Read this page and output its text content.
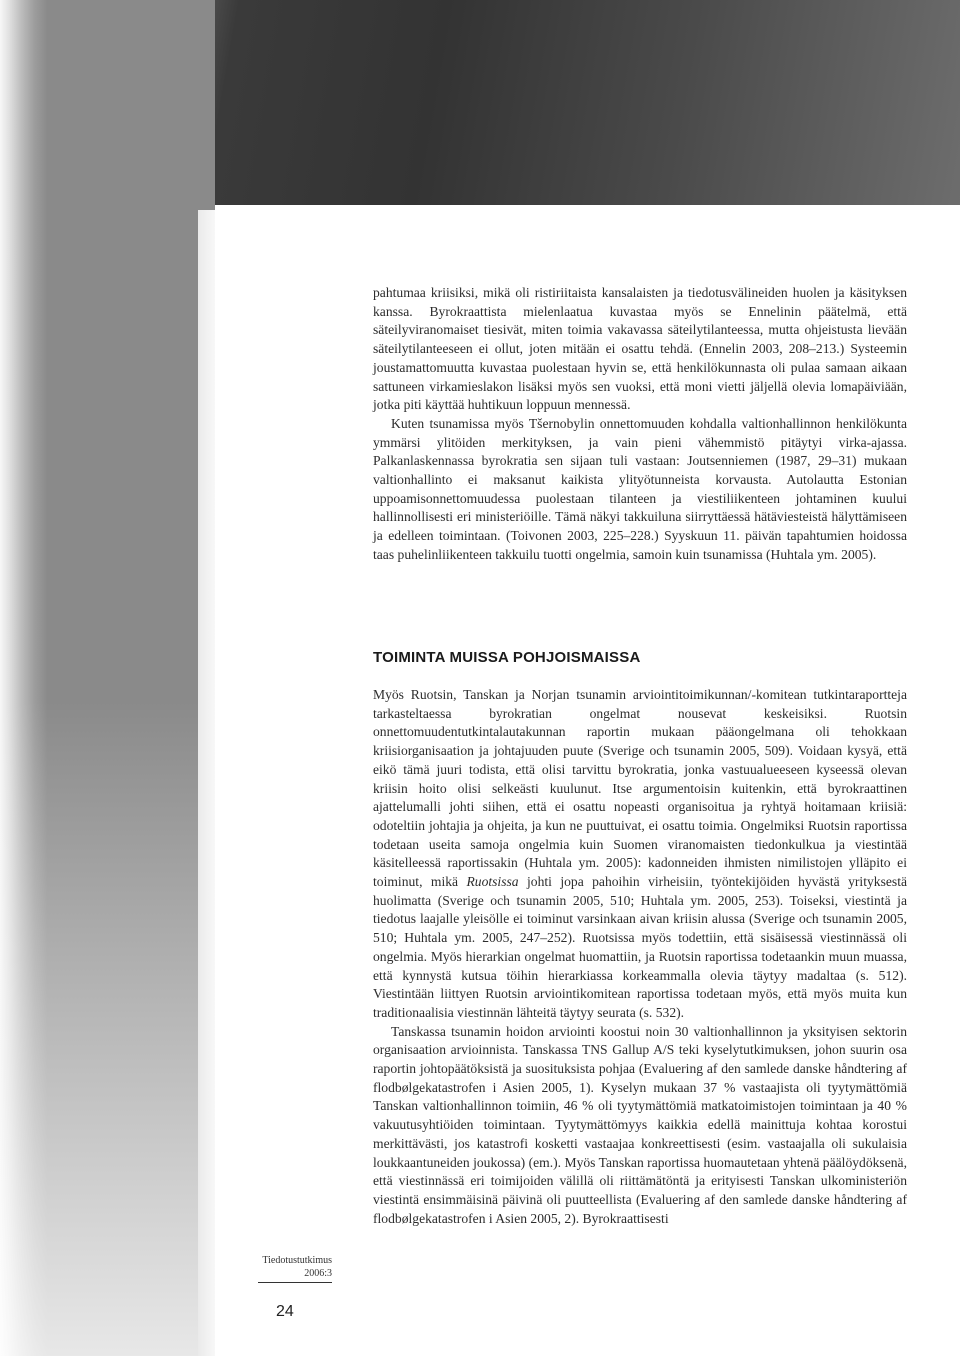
pahtumaa kriisiksi, mikä oli ristiriitaista kansalaisten ja tiedotusvälineiden huolen ja käsityksen kanssa. Byrokraattista mielenlaatua kuvastaa myös se Ennelinin päätelmä, että säteilyviranomaiset tiesivät, miten toimia vakavassa säteilytilanteessa, mutta ohjeistusta lievään säteilytilanteeseen ei ollut, joten mitään ei osattu tehdä. (Ennelin 2003, 208–213.) Systeemin joustamattomuutta kuvastaa puolestaan hyvin se, että henkilökunnasta oli pulaa samaan aikaan sattuneen virkamieslakon lisäksi myös sen vuoksi, että moni vietti jäljellä olevia lomapäiviään, jotka piti käyttää huhtikuun loppuun mennessä.

Kuten tsunamissa myös Tšernobylin onnettomuuden kohdalla valtionhallinnon henkilökunta ymmärsi ylitöiden merkityksen, ja vain pieni vähemmistö pitäytyi virka-ajassa. Palkanlaskennassa byrokratia sen sijaan tuli vastaan: Joutsenniemen (1987, 29–31) mukaan valtionhallinto ei maksanut kaikista ylityötunneista korvausta. Autolautta Estonian uppoamisonnettomuudessa puolestaan tilanteen ja viestiliikenteen johtaminen kuului hallinnollisesti eri ministeriöille. Tämä näkyi takkuiluna siirryttäessä hätäviesteistä hälyttämiseen ja edelleen toimintaan. (Toivonen 2003, 225–228.) Syyskuun 11. päivän tapahtumien hoidossa taas puhelinliikenteen takkuilu tuotti ongelmia, samoin kuin tsunamissa (Huhtala ym. 2005).

TOIMINTA MUISSA POHJOISMAISSA

Myös Ruotsin, Tanskan ja Norjan tsunamin arviointitoimikunnan/-komitean tutkintaraportteja tarkasteltaessa byrokratian ongelmat nousevat keskeisiksi. Ruotsin onnettomuudentutkintalautakunnan raportin mukaan pääongelmana oli tehokkaan kriisiorganisaation ja johtajuuden puute (Sverige och tsunamin 2005, 509). Voidaan kysyä, että eikö tämä juuri todista, että olisi tarvittu byrokratia, jonka vastuualueeseen kyseessä olevan kriisin hoito olisi selkeästi kuulunut. Itse argumentoisin kuitenkin, että byrokraattinen ajattelumalli johti siihen, että ei osattu nopeasti organisoitua ja ryhtyä hoitamaan kriisiä: odoteltiin johtajia ja ohjeita, ja kun ne puuttuivat, ei osattu toimia. Ongelmiksi Ruotsin raportissa todetaan useita samoja ongelmia kuin Suomen viranomaisten tiedonkulkua ja viestintää käsitelleessä raportissakin (Huhtala ym. 2005): kadonneiden ihmisten nimilistojen ylläpito ei toiminut, mikä Ruotsissa johti jopa pahoihin virheisiin, työntekijöiden hyvästä yrityksestä huolimatta (Sverige och tsunamin 2005, 510; Huhtala ym. 2005, 253). Toiseksi, viestintä ja tiedotus laajalle yleisölle ei toiminut varsinkaan aivan kriisin alussa (Sverige och tsunamin 2005, 510; Huhtala ym. 2005, 247–252). Ruotsissa myös todettiin, että sisäisessä viestinnässä oli ongelmia. Myös hierarkian ongelmat huomattiin, ja Ruotsin raportissa todetaankin muun muassa, että kynnystä kutsua töihin hierarkiassa korkeammalla olevia täytyy madaltaa (s. 512). Viestintään liittyen Ruotsin arviointikomitean raportissa todetaan myös, että myös muita kun traditionaalisia viestinnän lähteitä täytyy seurata (s. 532).

Tanskassa tsunamin hoidon arviointi koostui noin 30 valtionhallinnon ja yksityisen sektorin organisaation arvioinnista. Tanskassa TNS Gallup A/S teki kyselytutkimuksen, johon suurin osa raportin johtopäätöksistä ja suosituksista pohjaa (Evaluering af den samlede danske håndtering af flodbølgekatastrofen i Asien 2005, 1). Kyselyn mukaan 37 % vastaajista oli tyytymättömiä Tanskan valtionhallinnon toimiin, 46 % oli tyytymättömiä matkatoimistojen toimintaan ja 40 % vakuutusyhtiöiden toimintaan. Tyytymättömyys kaikkia edellä mainittuja kohtaa korostui merkittävästi, jos katastrofi kosketti vastaajaa konkreettisesti (esim. vastaajalla oli sukulaisia loukkaantuneiden joukossa) (em.). Myös Tanskan raportissa huomautetaan yhtenä päälöydöksenä, että viestinnässä eri toimijoiden välillä oli riittämätöntä ja erityisesti Tanskan ulkoministeriön viestintä ensimmäisinä päivinä oli puutteellista (Evaluering af den samlede danske håndtering af flodbølgekatastrofen i Asien 2005, 2). Byrokraattisesti

Tiedotustutkimus
2006:3
24
